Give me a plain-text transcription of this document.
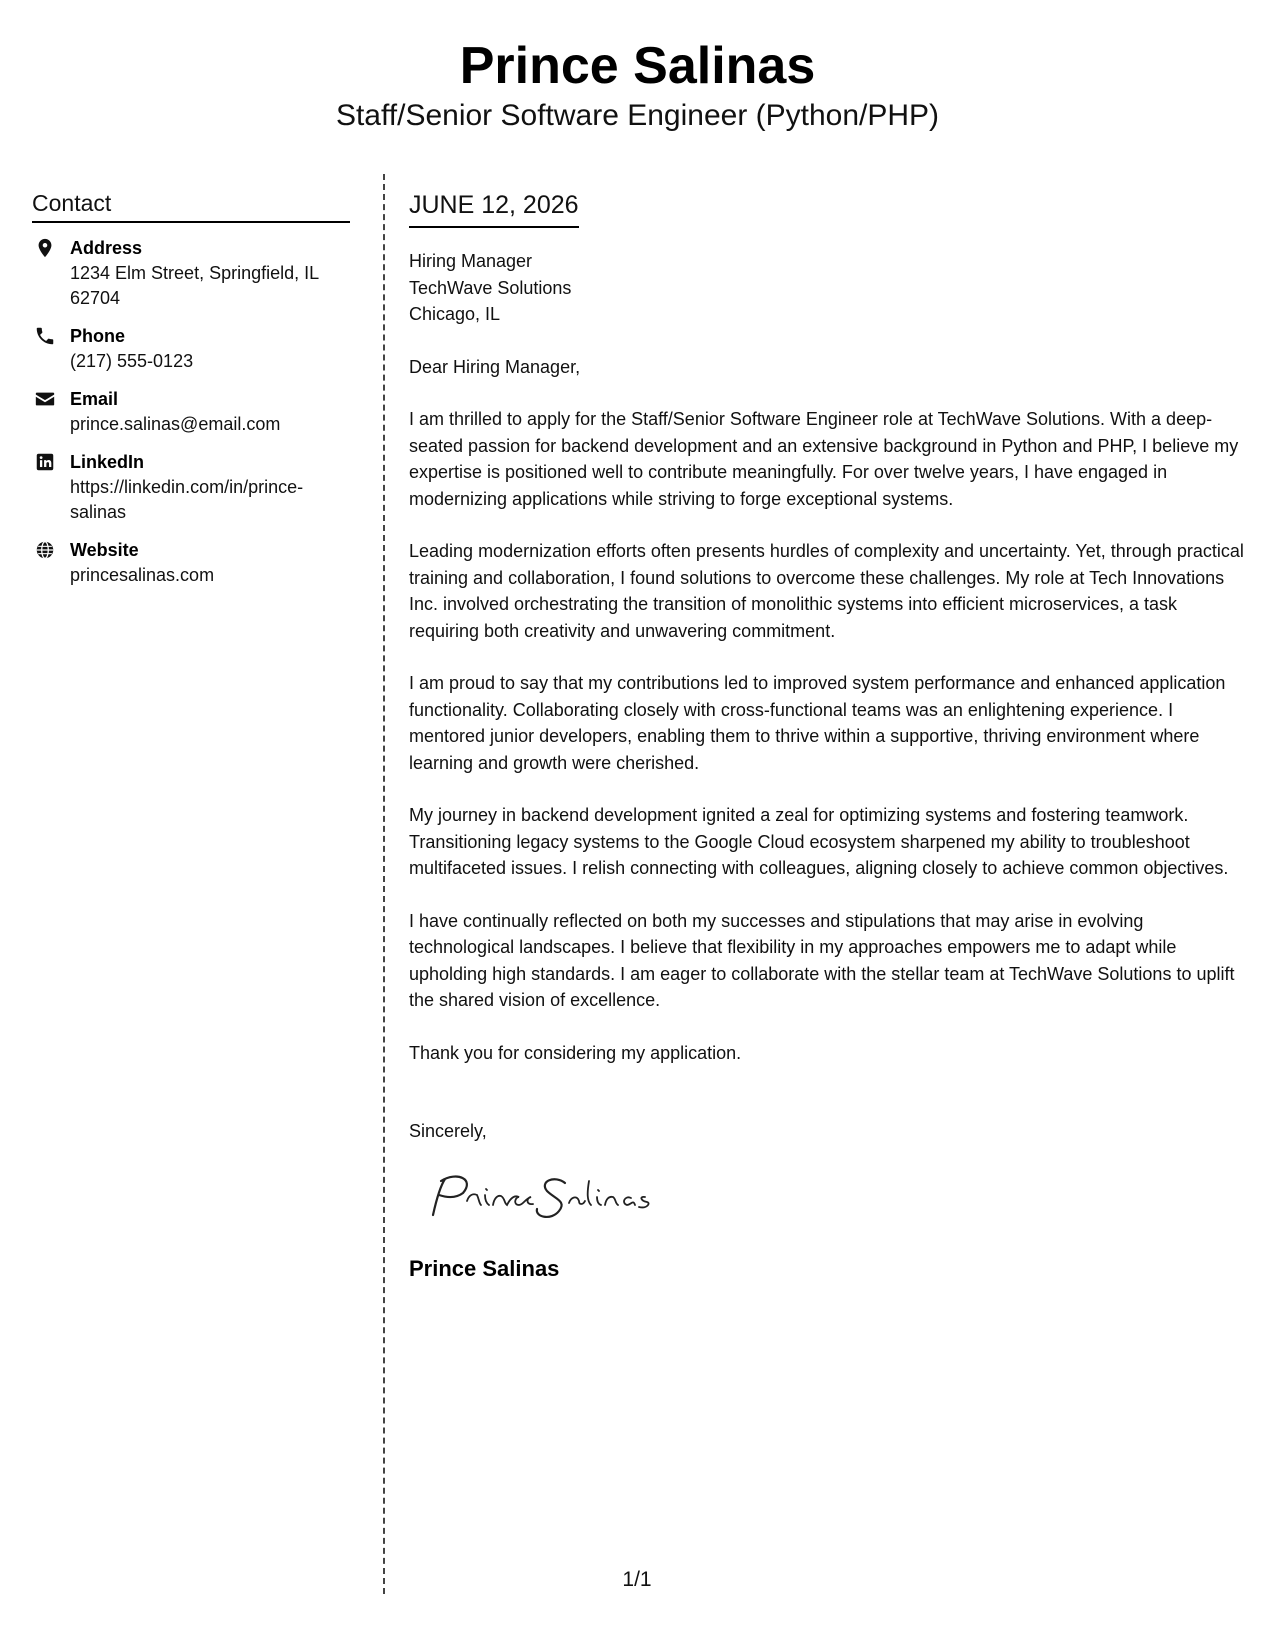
Prince Salinas
Staff/Senior Software Engineer (Python/PHP)
Contact
Address
1234 Elm Street, Springfield, IL 62704
Phone
(217) 555-0123
Email
prince.salinas@email.com
LinkedIn
https://linkedin.com/in/prince-salinas
Website
princesalinas.com
JUNE 12, 2026
Hiring Manager
TechWave Solutions
Chicago, IL

Dear Hiring Manager,

I am thrilled to apply for the Staff/Senior Software Engineer role at TechWave Solutions. With a deep-seated passion for backend development and an extensive background in Python and PHP, I believe my expertise is positioned well to contribute meaningfully. For over twelve years, I have engaged in modernizing applications while striving to forge exceptional systems.

Leading modernization efforts often presents hurdles of complexity and uncertainty. Yet, through practical training and collaboration, I found solutions to overcome these challenges. My role at Tech Innovations Inc. involved orchestrating the transition of monolithic systems into efficient microservices, a task requiring both creativity and unwavering commitment.

I am proud to say that my contributions led to improved system performance and enhanced application functionality. Collaborating closely with cross-functional teams was an enlightening experience. I mentored junior developers, enabling them to thrive within a supportive, thriving environment where learning and growth were cherished.

My journey in backend development ignited a zeal for optimizing systems and fostering teamwork. Transitioning legacy systems to the Google Cloud ecosystem sharpened my ability to troubleshoot multifaceted issues. I relish connecting with colleagues, aligning closely to achieve common objectives.

I have continually reflected on both my successes and stipulations that may arise in evolving technological landscapes. I believe that flexibility in my approaches empowers me to adapt while upholding high standards. I am eager to collaborate with the stellar team at TechWave Solutions to uplift the shared vision of excellence.

Thank you for considering my application.

Sincerely,
Prince Salinas
1/1
